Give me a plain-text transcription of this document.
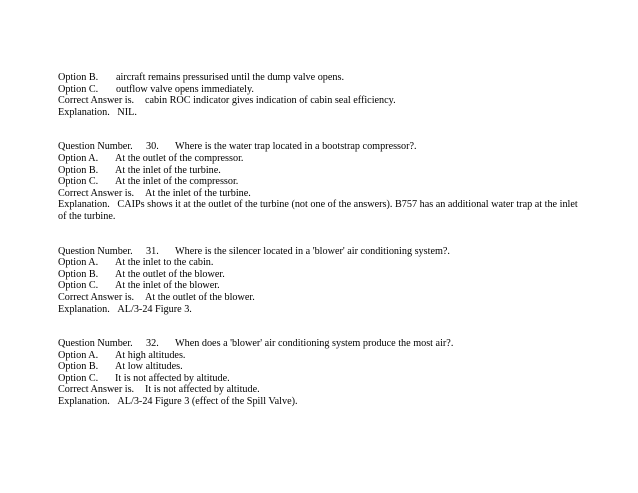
Option B. aircraft remains pressurised until the dump valve opens.
Option C. outflow valve opens immediately.
Correct Answer is. cabin ROC indicator gives indication of cabin seal efficiency.
Explanation. NIL.
Question Number. 30. Where is the water trap located in a bootstrap compressor?.
Option A. At the outlet of the compressor.
Option B. At the inlet of the turbine.
Option C. At the inlet of the compressor.
Correct Answer is. At the inlet of the turbine.
Explanation. CAIPs shows it at the outlet of the turbine (not one of the answers). B757 has an additional water trap at the inlet of the turbine.
Question Number. 31. Where is the silencer located in a 'blower' air conditioning system?.
Option A. At the inlet to the cabin.
Option B. At the outlet of the blower.
Option C. At the inlet of the blower.
Correct Answer is. At the outlet of the blower.
Explanation. AL/3-24 Figure 3.
Question Number. 32. When does a 'blower' air conditioning system produce the most air?.
Option A. At high altitudes.
Option B. At low altitudes.
Option C. It is not affected by altitude.
Correct Answer is. It is not affected by altitude.
Explanation. AL/3-24 Figure 3 (effect of the Spill Valve).
